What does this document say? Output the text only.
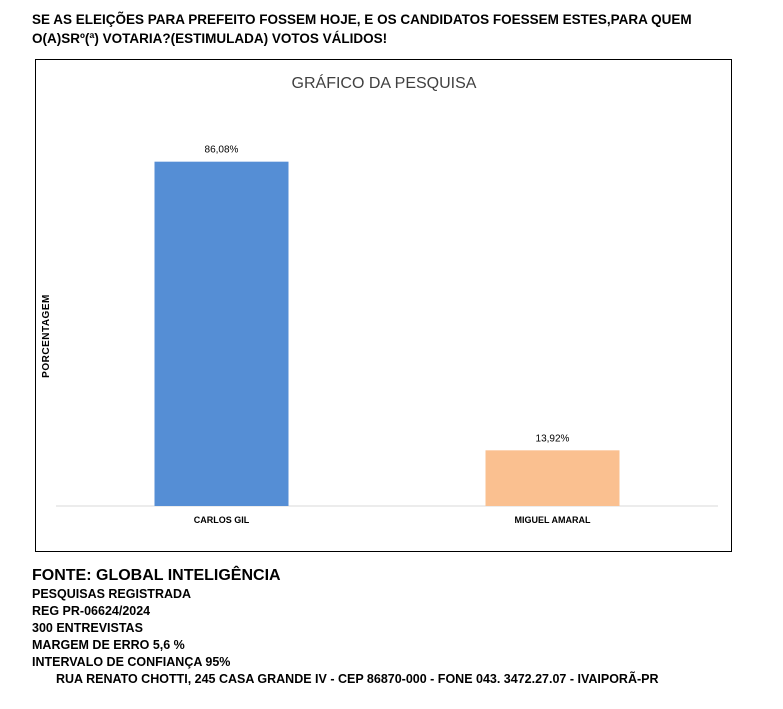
SE AS ELEIÇÕES PARA PREFEITO FOSSEM HOJE, E OS CANDIDATOS FOESSEM ESTES,PARA QUEM
O(A)SRº(ª) VOTARIA?(ESTIMULADA) VOTOS VÁLIDOS!
GRÁFICO DA PESQUISA
PORCENTAGEM
86,08%
CARLOS GIL
13,92%
MIGUEL AMARAL
FONTE: GLOBAL INTELIGÊNCIA
PESQUISAS REGISTRADA
REG PR-06624/2024
300 ENTREVISTAS
MARGEM DE ERRO 5,6 %
INTERVALO DE CONFIANÇA 95%
RUA RENATO CHOTTI, 245 CASA GRANDE IV - CEP 86870-000 - FONE 043. 3472.27.07 - IVAIPORÃ-PR
